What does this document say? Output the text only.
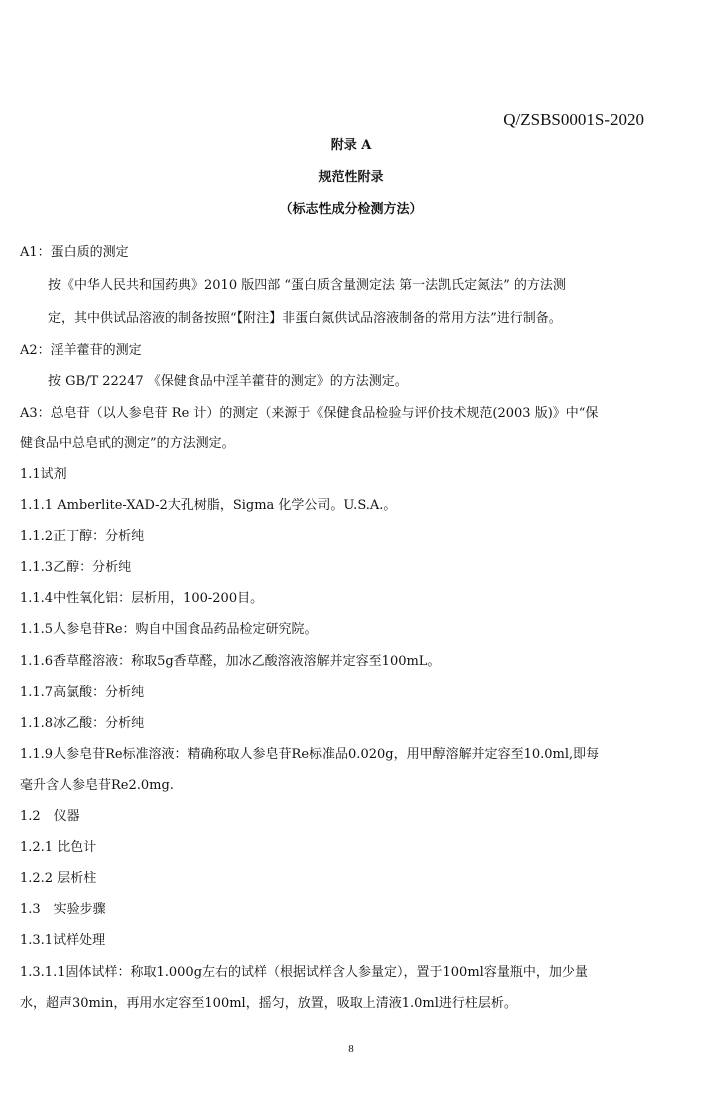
Q/ZSBS0001S-2020
附录 A
规范性附录
（标志性成分检测方法）
A1：蛋白质的测定
按《中华人民共和国药典》2010 版四部 “蛋白质含量测定法 第一法凯氏定氮法” 的方法测
定，其中供试品溶液的制备按照“【附注】非蛋白氮供试品溶液制备的常用方法”进行制备。
A2：淫羊藿苷的测定
按 GB/T 22247 《保健食品中淫羊藿苷的测定》的方法测定。
A3：总皂苷（以人参皂苷 Re 计）的测定（来源于《保健食品检验与评价技术规范(2003 版)》中“保
健食品中总皂甙的测定”的方法测定。
1.1试剂
1.1.1 Amberlite-XAD-2大孔树脂，Sigma 化学公司。U.S.A.。
1.1.2正丁醇：分析纯
1.1.3乙醇：分析纯
1.1.4中性氧化铝：层析用，100-200目。
1.1.5人参皂苷Re：购自中国食品药品检定研究院。
1.1.6香草醛溶液：称取5g香草醛，加冰乙酸溶液溶解并定容至100mL。
1.1.7高氯酸：分析纯
1.1.8冰乙酸：分析纯
1.1.9人参皂苷Re标准溶液：精确称取人参皂苷Re标准品0.020g，用甲醇溶解并定容至10.0ml,即每
毫升含人参皂苷Re2.0mg.
1.2　仪器
1.2.1 比色计
1.2.2 层析柱
1.3　实验步骤
1.3.1试样处理
1.3.1.1固体试样：称取1.000g左右的试样（根据试样含人参量定），置于100ml容量瓶中，加少量
水，超声30min，再用水定容至100ml，摇匀，放置，吸取上清液1.0ml进行柱层析。
8
